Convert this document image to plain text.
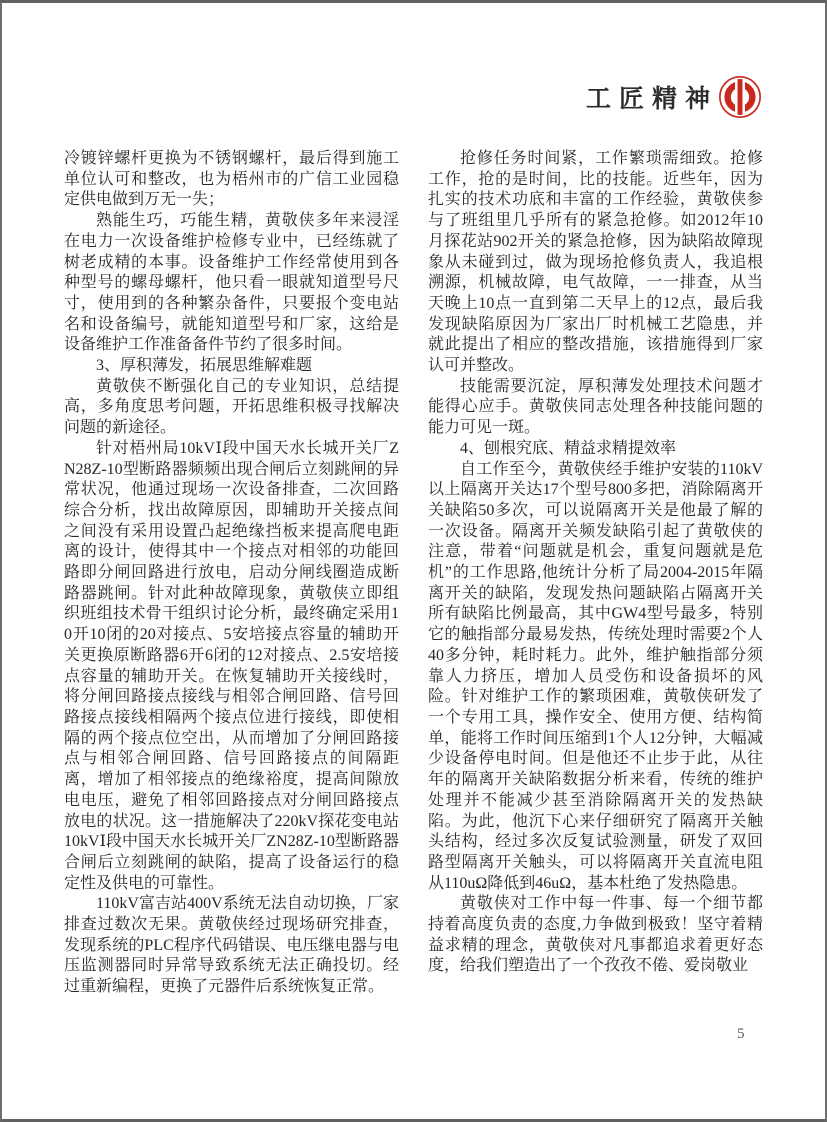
工匠精神

冷镀锌螺杆更换为不锈钢螺杆，最后得到施工单位认可和整改，也为梧州市的广信工业园稳定供电做到万无一失；

熟能生巧，巧能生精，黄敬侠多年来浸淫在电力一次设备维护检修专业中，已经练就了树老成精的本事。设备维护工作经常使用到各种型号的螺母螺杆，他只看一眼就知道型号尺寸，使用到的各种繁杂备件，只要报个变电站名和设备编号，就能知道型号和厂家，这给是设备维护工作准备备件节约了很多时间。

3、厚积薄发，拓展思维解难题

黄敬侠不断强化自己的专业知识，总结提高，多角度思考问题，开拓思维积极寻找解决问题的新途径。

针对梧州局10kVⅠ段中国天水长城开关厂ZN28Z-10型断路器频频出现合闸后立刻跳闸的异常状况，他通过现场一次设备排查，二次回路综合分析，找出故障原因，即辅助开关接点间之间没有采用设置凸起绝缘挡板来提高爬电距离的设计，使得其中一个接点对相邻的功能回路即分闸回路进行放电，启动分闸线圈造成断路器跳闸。针对此种故障现象，黄敬侠立即组织班组技术骨干组织讨论分析，最终确定采用10开10闭的20对接点、5安培接点容量的辅助开关更换原断路器6开6闭的12对接点、2.5安培接点容量的辅助开关。在恢复辅助开关接线时，将分闸回路接点接线与相邻合闸回路、信号回路接点接线相隔两个接点位进行接线，即使相隔的两个接点位空出，从而增加了分闸回路接点与相邻合闸回路、信号回路接点的间隔距离，增加了相邻接点的绝缘裕度，提高间隙放电电压，避免了相邻回路接点对分闸回路接点放电的状况。这一措施解决了220kV探花变电站10kVⅠ段中国天水长城开关厂ZN28Z-10型断路器合闸后立刻跳闸的缺陷，提高了设备运行的稳定性及供电的可靠性。

110kV富吉站400V系统无法自动切换，厂家排查过数次无果。黄敬侠经过现场研究排查，发现系统的PLC程序代码错误、电压继电器与电压监测器同时异常导致系统无法正确投切。经过重新编程，更换了元器件后系统恢复正常。

抢修任务时间紧，工作繁琐需细致。抢修工作，抢的是时间，比的技能。近些年，因为扎实的技术功底和丰富的工作经验，黄敬侠参与了班组里几乎所有的紧急抢修。如2012年10月探花站902开关的紧急抢修，因为缺陷故障现象从未碰到过，做为现场抢修负责人，我追根溯源，机械故障，电气故障，一一排查，从当天晚上10点一直到第二天早上的12点，最后我发现缺陷原因为厂家出厂时机械工艺隐患，并就此提出了相应的整改措施，该措施得到厂家认可并整改。

技能需要沉淀，厚积薄发处理技术问题才能得心应手。黄敬侠同志处理各种技能问题的能力可见一斑。

4、刨根究底、精益求精提效率

自工作至今，黄敬侠经手维护安装的110kV以上隔离开关达17个型号800多把，消除隔离开关缺陷50多次，可以说隔离开关是他最了解的一次设备。隔离开关频发缺陷引起了黄敬侠的注意，带着“问题就是机会，重复问题就是危机”的工作思路,他统计分析了局2004-2015年隔离开关的缺陷，发现发热问题缺陷占隔离开关所有缺陷比例最高，其中GW4型号最多，特别它的触指部分最易发热，传统处理时需要2个人40多分钟，耗时耗力。此外，维护触指部分须靠人力挤压，增加人员受伤和设备损坏的风险。针对维护工作的繁琐困难，黄敬侠研发了一个专用工具，操作安全、使用方便、结构简单，能将工作时间压缩到1个人12分钟，大幅减少设备停电时间。但是他还不止步于此，从往年的隔离开关缺陷数据分析来看，传统的维护处理并不能减少甚至消除隔离开关的发热缺陷。为此，他沉下心来仔细研究了隔离开关触头结构，经过多次反复试验测量，研发了双回路型隔离开关触头，可以将隔离开关直流电阻从110uΩ降低到46uΩ，基本杜绝了发热隐患。

黄敬侠对工作中每一件事、每一个细节都持着高度负责的态度,力争做到极致！坚守着精益求精的理念，黄敬侠对凡事都追求着更好态度，给我们塑造出了一个孜孜不倦、爱岗敬业

5
